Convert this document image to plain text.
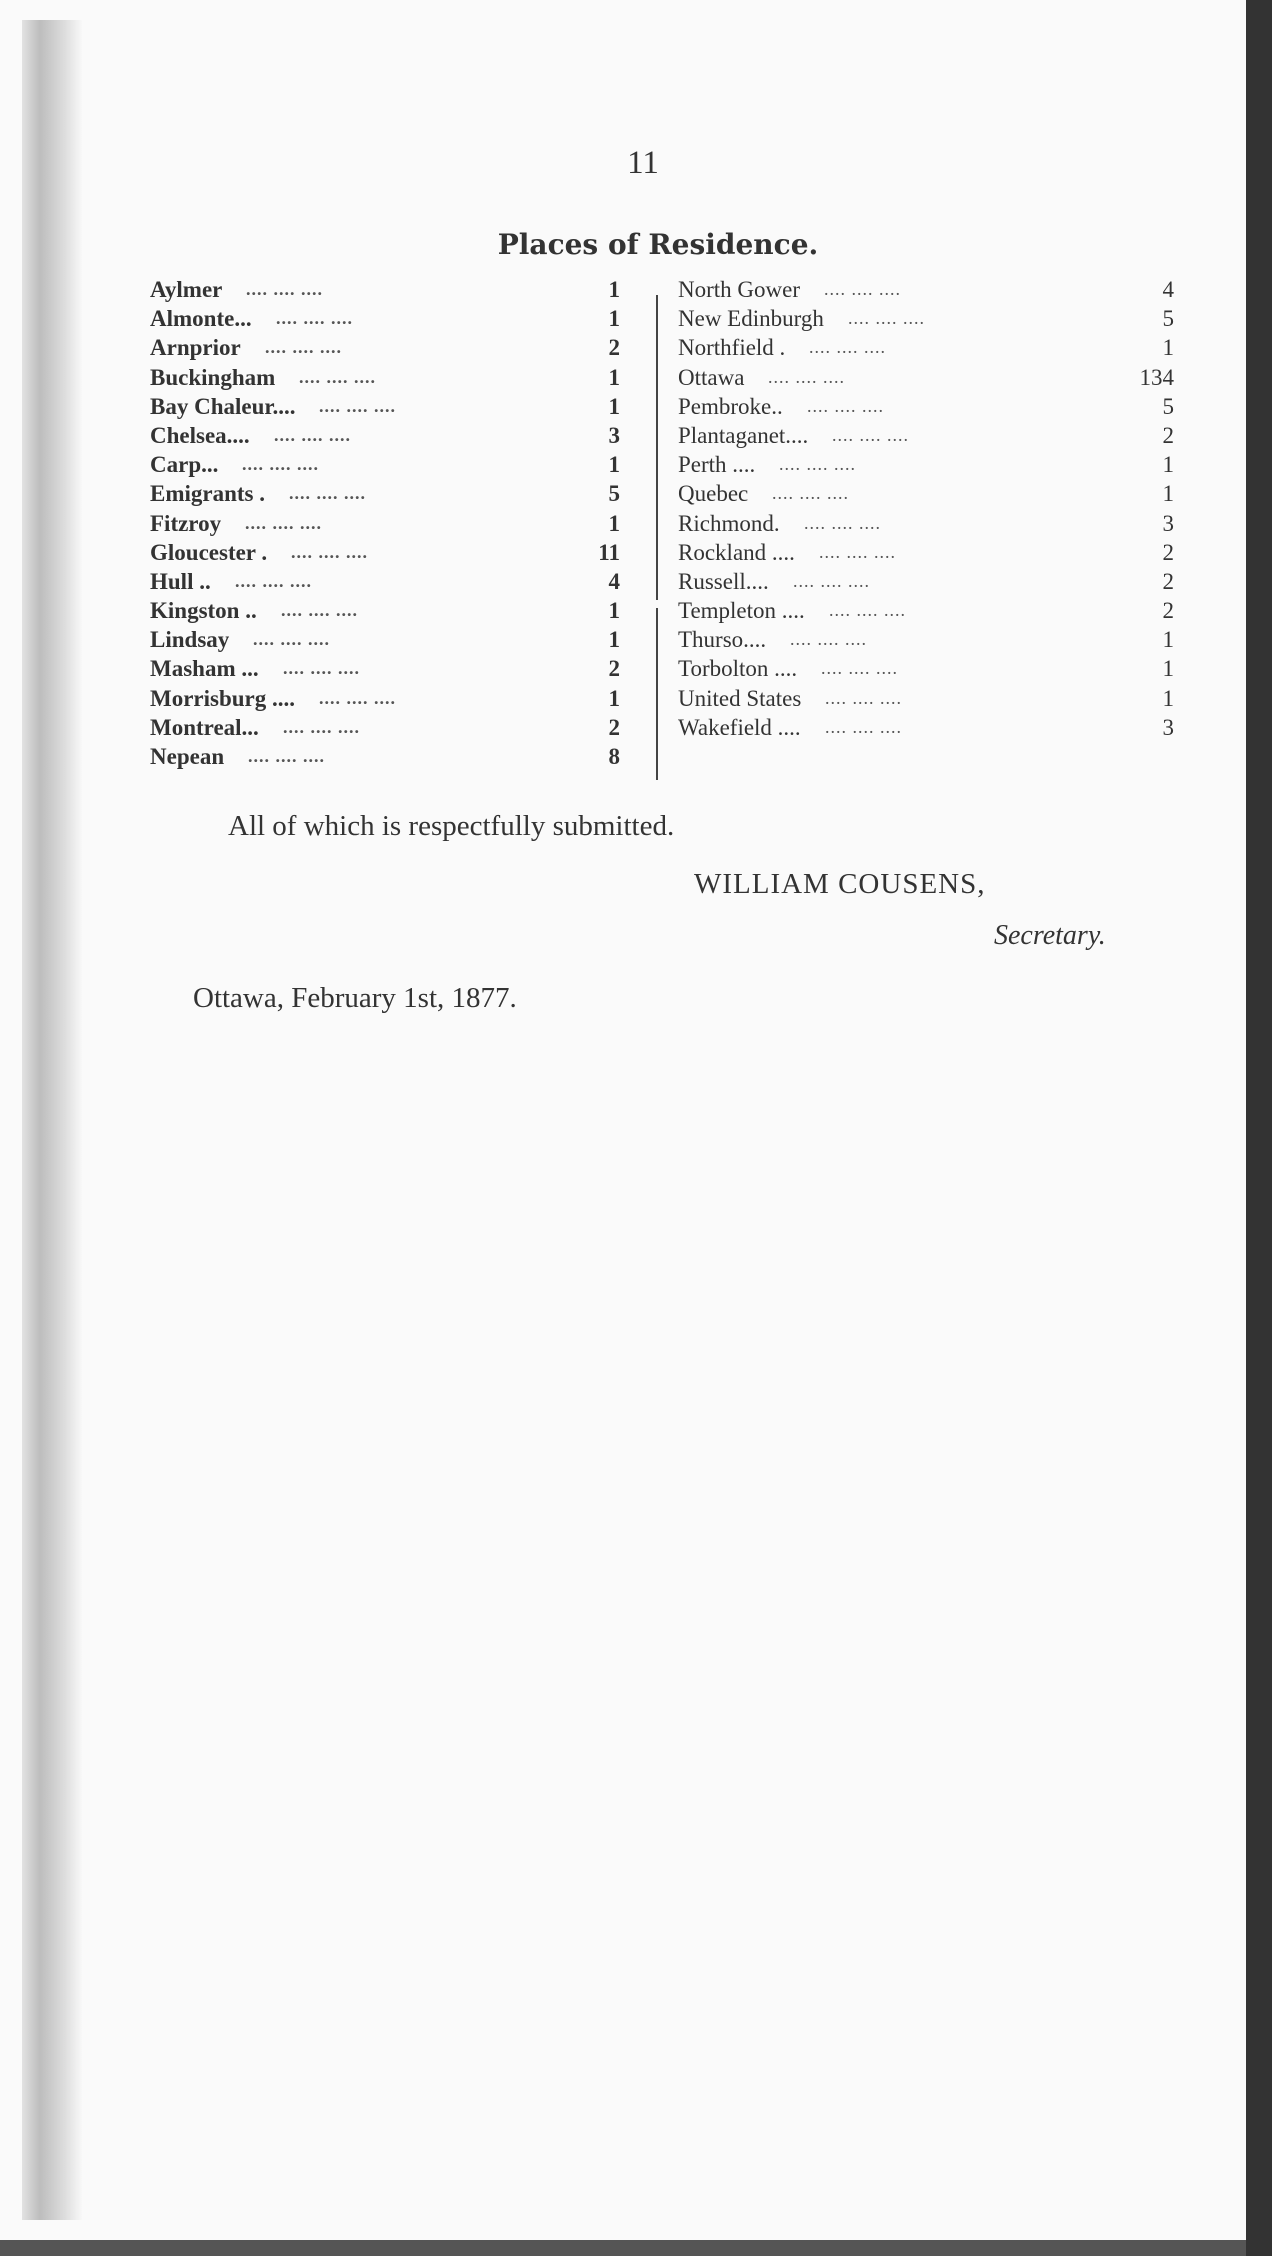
11
Places of Residence.
.... .... ....
Aylmer	1
.... .... ....
Almonte...	1
.... .... ....
Arnprior	2
.... .... ....
Buckingham	1
.... .... ....
Bay Chaleur....	1
.... .... ....
Chelsea....	3
.... .... ....
Carp...	1
.... .... ....
Emigrants .	5
.... .... ....
Fitzroy	1
.... .... ....
Gloucester .	11
.... .... ....
Hull ..	4
.... .... ....
Kingston ..	1
.... .... ....
Lindsay	1
.... .... ....
Masham ...	2
.... .... ....
Morrisburg ....	1
.... .... ....
Montreal...	2
.... .... ....
Nepean	8
.... .... ....
North Gower	4
.... .... ....
New Edinburgh	5
.... .... ....
Northfield .	1
.... .... ....
Ottawa	134
.... .... ....
Pembroke..	5
.... .... ....
Plantaganet....	2
.... .... ....
Perth ....	1
.... .... ....
Quebec	1
.... .... ....
Richmond.	3
.... .... ....
Rockland ....	2
.... .... ....
Russell....	2
.... .... ....
Templeton ....	2
.... .... ....
Thurso....	1
.... .... ....
Torbolton ....	1
.... .... ....
United States	1
.... .... ....
Wakefield ....	3
All of which is respectfully submitted.
WILLIAM COUSENS,
Secretary.
Ottawa, February 1st, 1877.
